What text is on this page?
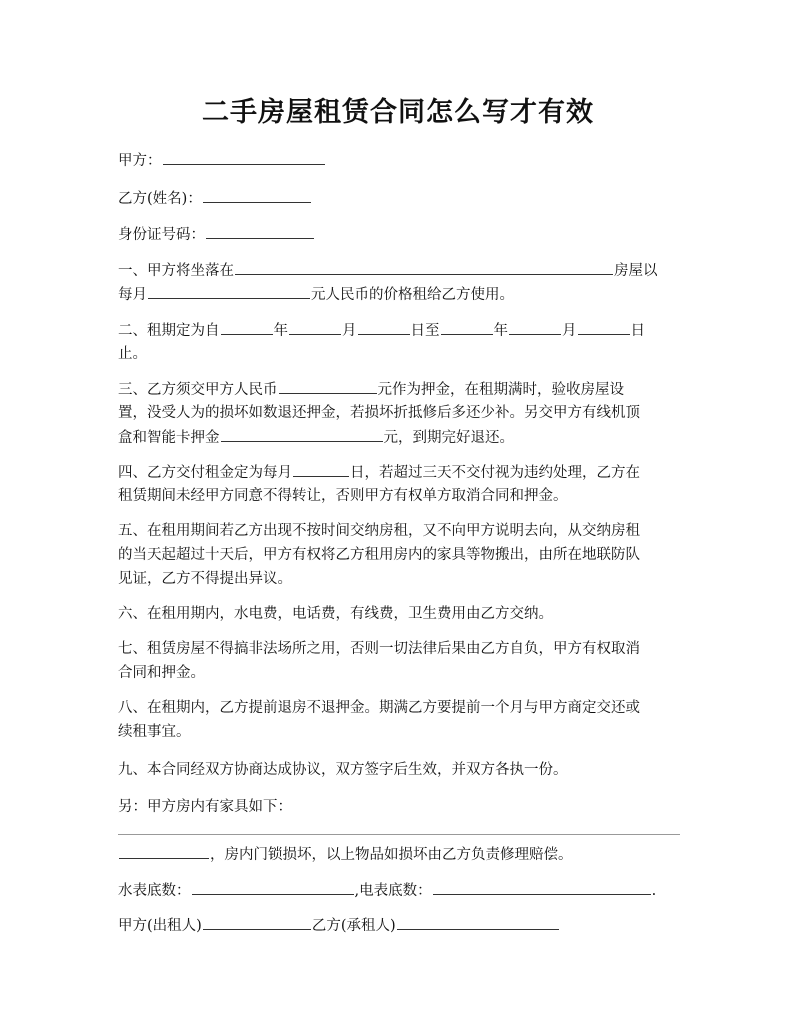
二手房屋租赁合同怎么写才有效
甲方：
乙方(姓名)：
身份证号码：
一、甲方将坐落在	房屋以
每月	元人民币的价格租给乙方使用。
二、租期定为自	年	月	日至	年	月	日
止。
三、乙方须交甲方人民币	元作为押金，在租期满时，验收房屋设
置，没受人为的损坏如数退还押金，若损坏折抵修后多还少补。另交甲方有线机顶
盒和智能卡押金	元，到期完好退还。
四、乙方交付租金定为每月	日，若超过三天不交付视为违约处理，乙方在
租赁期间未经甲方同意不得转让，否则甲方有权单方取消合同和押金。
五、在租用期间若乙方出现不按时间交纳房租，又不向甲方说明去向，从交纳房租
的当天起超过十天后，甲方有权将乙方租用房内的家具等物搬出，由所在地联防队
见证，乙方不得提出异议。
六、在租用期内，水电费，电话费，有线费，卫生费用由乙方交纳。
七、租赁房屋不得搞非法场所之用，否则一切法律后果由乙方自负，甲方有权取消
合同和押金。
八、在租期内，乙方提前退房不退押金。期满乙方要提前一个月与甲方商定交还或
续租事宜。
九、本合同经双方协商达成协议，双方签字后生效，并双方各执一份。
另：甲方房内有家具如下：
，房内门锁损坏，以上物品如损坏由乙方负责修理赔偿。
水表底数：	,电表底数：	.
甲方(出租人)	乙方(承租人)
